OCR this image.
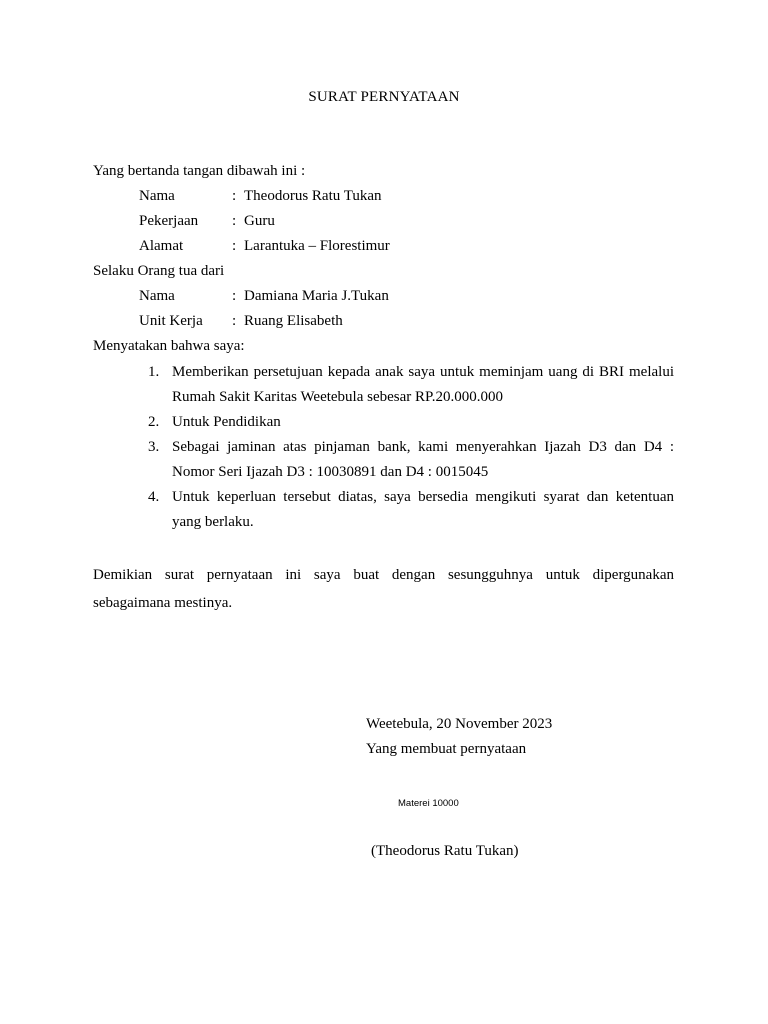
SURAT PERNYATAAN
Yang bertanda tangan dibawah ini :
Nama	: Theodorus Ratu Tukan
Pekerjaan : Guru
Alamat	: Larantuka – Florestimur
Selaku Orang tua dari
Nama	: Damiana Maria J.Tukan
Unit Kerja : Ruang Elisabeth
Menyatakan bahwa saya:
1. Memberikan persetujuan kepada anak saya untuk meminjam uang di BRI melalui Rumah Sakit Karitas Weetebula sebesar RP.20.000.000
2. Untuk Pendidikan
3. Sebagai jaminan atas pinjaman bank, kami menyerahkan Ijazah D3 dan D4 : Nomor Seri Ijazah D3 : 10030891 dan D4 : 0015045
4. Untuk keperluan tersebut diatas, saya bersedia mengikuti syarat dan ketentuan yang berlaku.
Demikian surat pernyataan ini saya buat dengan sesungguhnya untuk dipergunakan sebagaimana mestinya.
Weetebula, 20 November 2023
Yang membuat pernyataan
Materei 10000
(Theodorus Ratu Tukan)
